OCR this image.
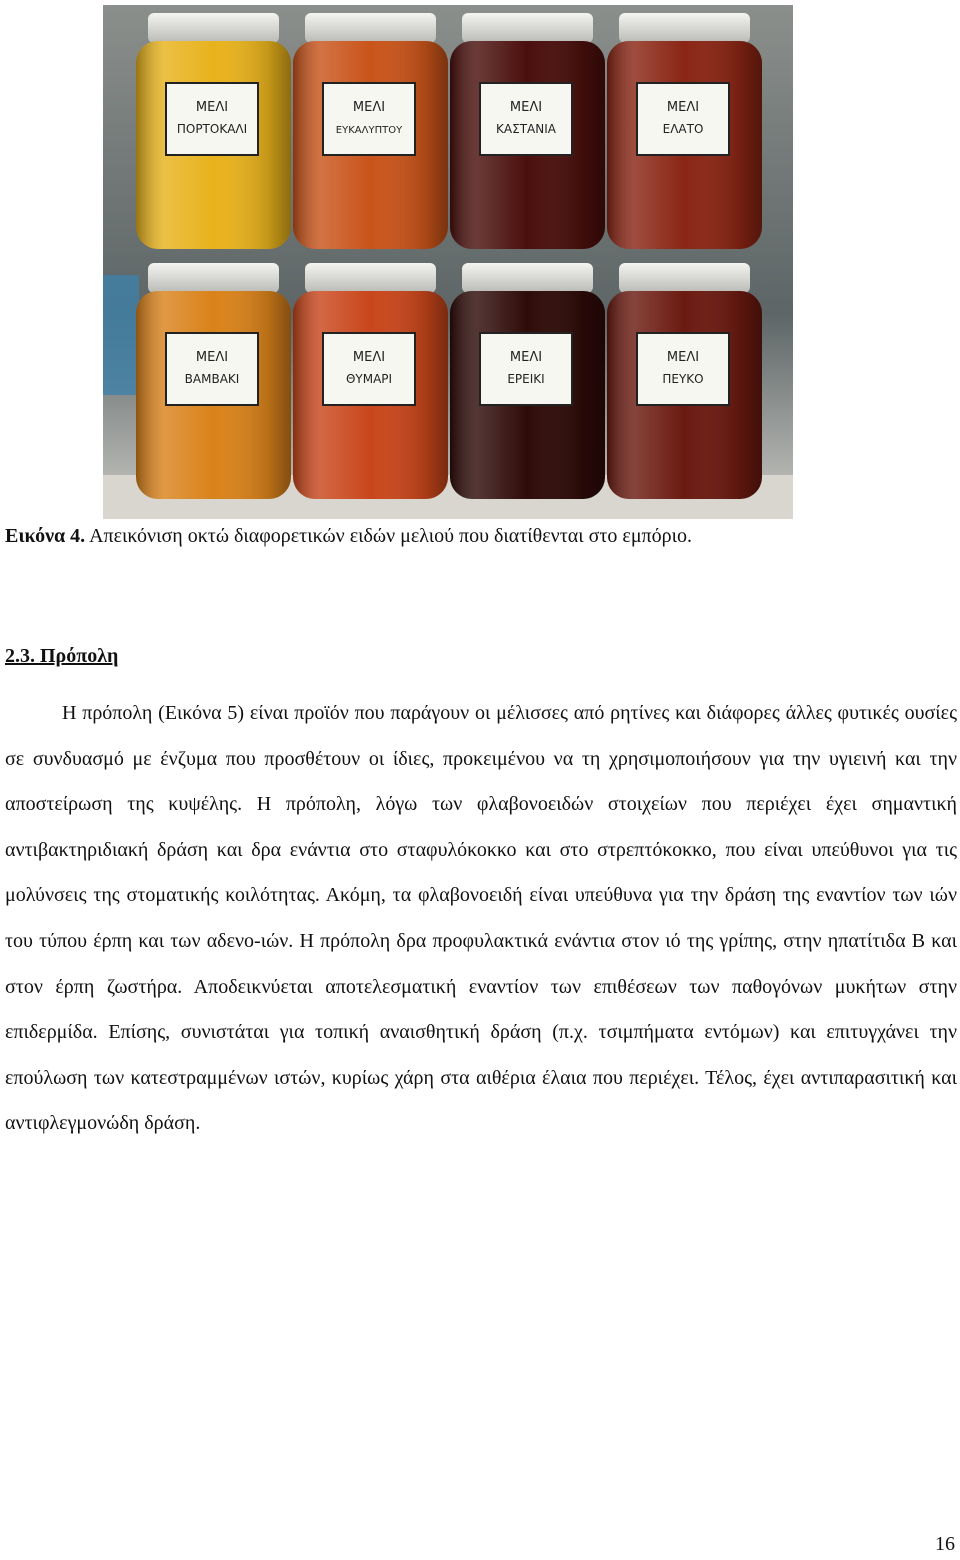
ΜΕΛΙ
ΠΟΡΤΟΚΑΛΙ
ΜΕΛΙ
ΕΥΚΑΛΥΠΤΟΥ
ΜΕΛΙ
ΚΑΣΤΑΝΙΑ
ΜΕΛΙ
ΕΛΑΤΟ
ΜΕΛΙ
ΒΑΜΒΑΚΙ
ΜΕΛΙ
ΘΥΜΑΡΙ
ΜΕΛΙ
ΕΡΕΙΚΙ
ΜΕΛΙ
ΠΕΥΚΟ
Εικόνα 4. Απεικόνιση οκτώ διαφορετικών ειδών μελιού που διατίθενται στο εμπόριο.
2.3. Πρόπολη

Η πρόπολη (Εικόνα 5) είναι προϊόν που παράγουν οι μέλισσες από ρητίνες και διάφορες άλλες φυτικές ουσίες σε συνδυασμό με ένζυμα που προσθέτουν οι ίδιες, προκειμένου να τη χρησιμοποιήσουν για την υγιεινή και την αποστείρωση της κυψέλης. Η πρόπολη, λόγω των φλαβονοειδών στοιχείων που περιέχει έχει σημαντική αντιβακτηριδιακή δράση και δρα ενάντια στο σταφυλόκοκκο και στο στρεπτόκοκκο, που είναι υπεύθυνοι για τις μολύνσεις της στοματικής κοιλότητας. Ακόμη, τα φλαβονοειδή είναι υπεύθυνα για την δράση της εναντίον των ιών του τύπου έρπη και των αδενο-ιών. Η πρόπολη δρα προφυλακτικά ενάντια στον ιό της γρίπης, στην ηπατίτιδα Β και στον έρπη ζωστήρα. Αποδεικνύεται αποτελεσματική εναντίον των επιθέσεων των παθογόνων μυκήτων στην επιδερμίδα. Επίσης, συνιστάται για τοπική αναισθητική δράση (π.χ. τσιμπήματα εντόμων) και επιτυγχάνει την επούλωση των κατεστραμμένων ιστών, κυρίως χάρη στα αιθέρια έλαια που περιέχει. Τέλος, έχει αντιπαρασιτική και αντιφλεγμονώδη δράση.

16
